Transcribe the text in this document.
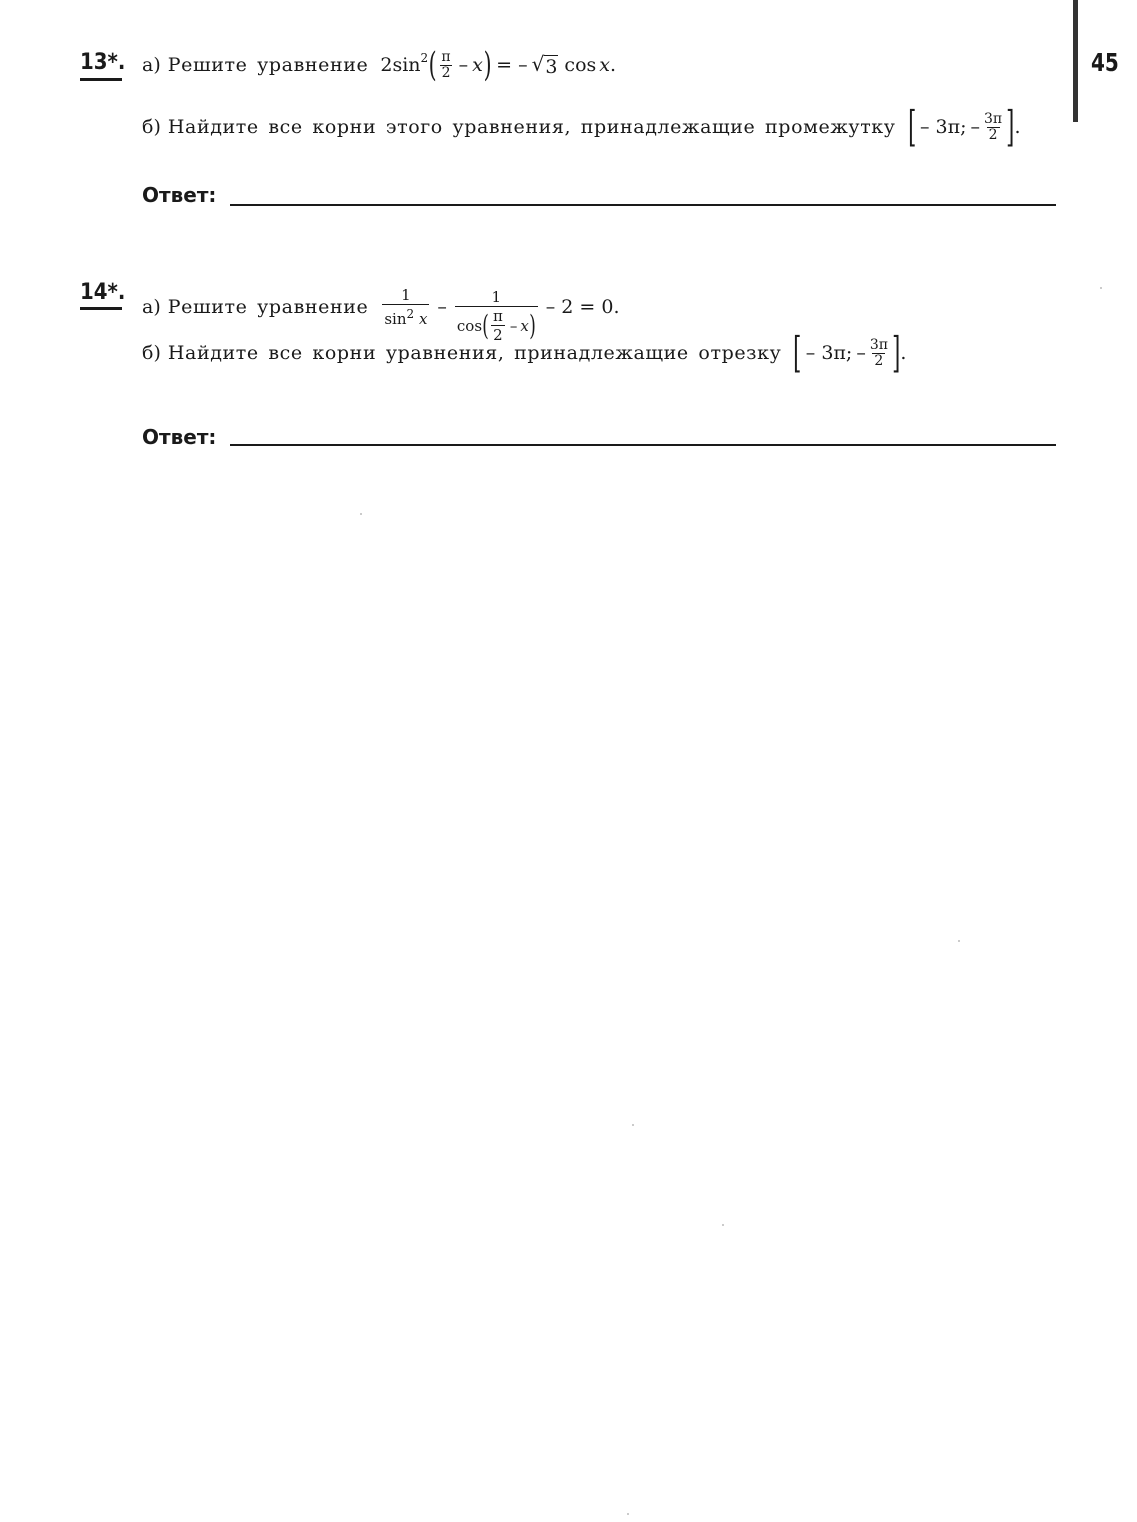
45
13*. а) Решите уравнение $2\sin^2$ ( $\frac{\pi}{2}$ – x ) = – √ 3 cos x .
б) Найдите все корни этого уравнения, принадлежащие промежутку [ – 3π; – $\frac{3\pi}{2}$ ] .
Ответ:
14*.
а) Решите уравнение $\frac{1}{\sin^2 x}$ –	1
cos ( $\frac{\pi}{2}$ – x )
– 2 = 0.
б) Найдите все корни уравнения, принадлежащие отрезку [ – 3π; – $\frac{3\pi}{2}$ ] .
Ответ:
